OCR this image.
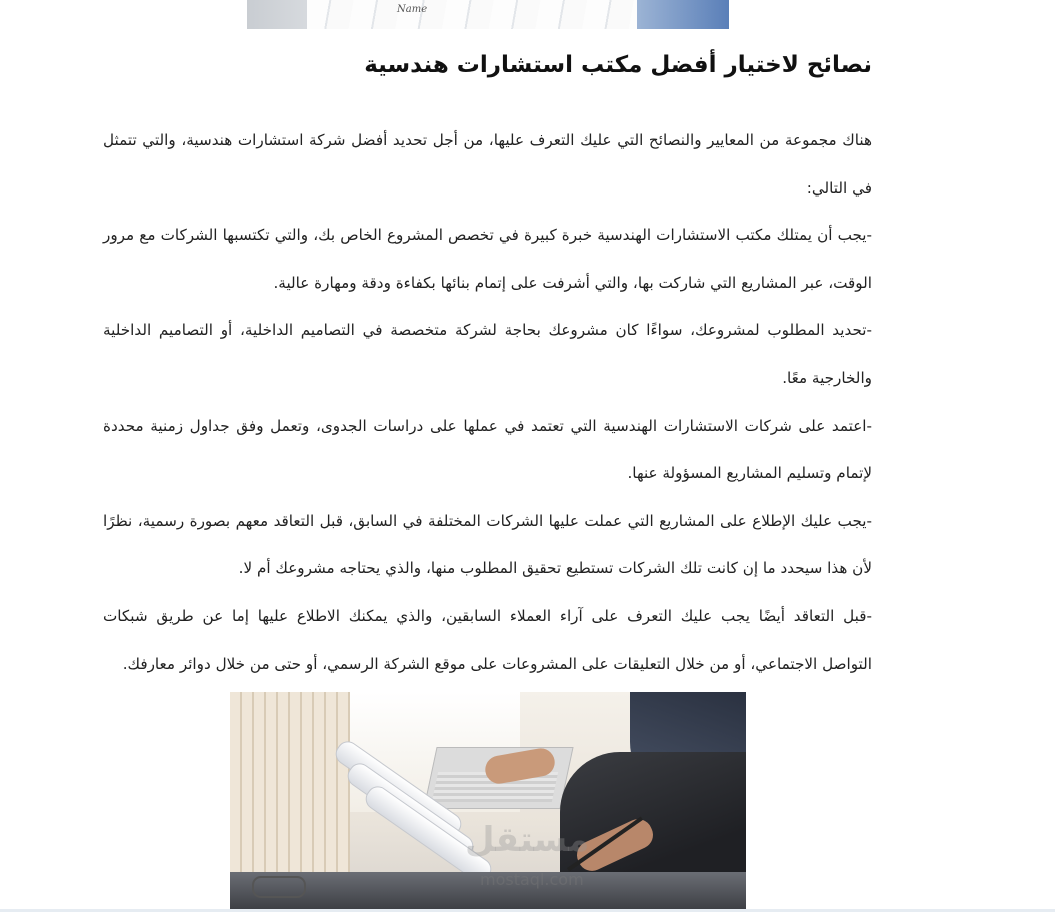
Name
نصائح لاختيار أفضل مكتب استشارات هندسية
هناك مجموعة من المعايير والنصائح التي عليك التعرف عليها، من أجل تحديد أفضل شركة استشارات هندسية، والتي تتمثل
في التالي:
-يجب أن يمتلك مكتب الاستشارات الهندسية خبرة كبيرة في تخصص المشروع الخاص بك، والتي تكتسبها الشركات مع مرور
الوقت، عبر المشاريع التي شاركت بها، والتي أشرفت على إتمام بنائها بكفاءة ودقة ومهارة عالية.
-تحديد المطلوب لمشروعك، سواءًا كان مشروعك بحاجة لشركة متخصصة في التصاميم الداخلية، أو التصاميم الداخلية
والخارجية معًا.
-اعتمد على شركات الاستشارات الهندسية التي تعتمد في عملها على دراسات الجدوى، وتعمل وفق جداول زمنية محددة
لإتمام وتسليم المشاريع المسؤولة عنها.
-يجب عليك الإطلاع على المشاريع التي عملت عليها الشركات المختلفة في السابق، قبل التعاقد معهم بصورة رسمية، نظرًا
لأن هذا سيحدد ما إن كانت تلك الشركات تستطيع تحقيق المطلوب منها، والذي يحتاجه مشروعك أم لا.
-قبل التعاقد أيضًا يجب عليك التعرف على آراء العملاء السابقين، والذي يمكنك الاطلاع عليها إما عن طريق شبكات
التواصل الاجتماعي، أو من خلال التعليقات على المشروعات على موقع الشركة الرسمي، أو حتى من خلال دوائر معارفك.
مستقل
mostaql.com
